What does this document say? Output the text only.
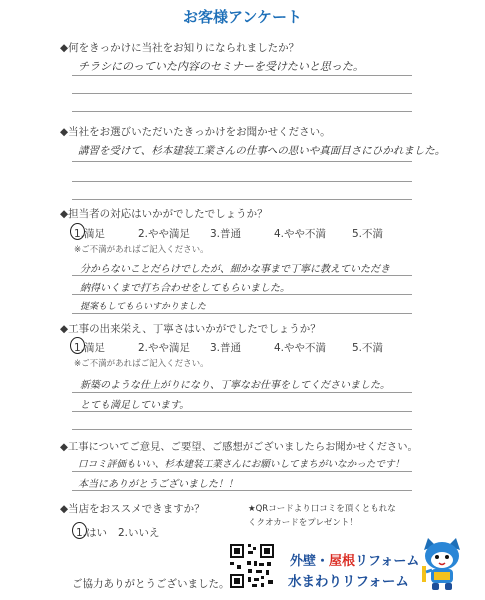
お客様アンケート
◆何をきっかけに当社をお知りになられましたか？
チラシにのっていた内容のセミナーを受けたいと思った。
◆当社をお選びいただいたきっかけをお聞かせください。
講習を受けて、杉本建装工業さんの仕事への思いや真面目さにひかれました。
◆担当者の対応はいかがでしたでしょうか？
1.満足	2.やや満足 3.普通	4.やや不満 5.不満
※ご不満があればご記入ください。
分からないことだらけでしたが、細かな事まで丁寧に教えていただき
納得いくまで打ち合わせをしてもらいました。
提案もしてもらいすかりました
◆工事の出来栄え、丁寧さはいかがでしたでしょうか？
1.満足	2.やや満足 3.普通	4.やや不満 5.不満
※ご不満があればご記入ください。
新築のような仕上がりになり、丁寧なお仕事をしてくださいました。
とても満足しています。
◆工事についてご意見、ご要望、ご感想がございましたらお聞かせください。
口コミ評価もいい、杉本建装工業さんにお願いしてまちがいなかったです！
本当にありがとうございました！！
◆当店をおススメできますか？
1.はい 2.いいえ
★QRコードより口コミを頂くともれなくクオカードをプレゼント！
ご協力ありがとうございました。
外壁・屋根リフォーム
水まわりリフォーム
